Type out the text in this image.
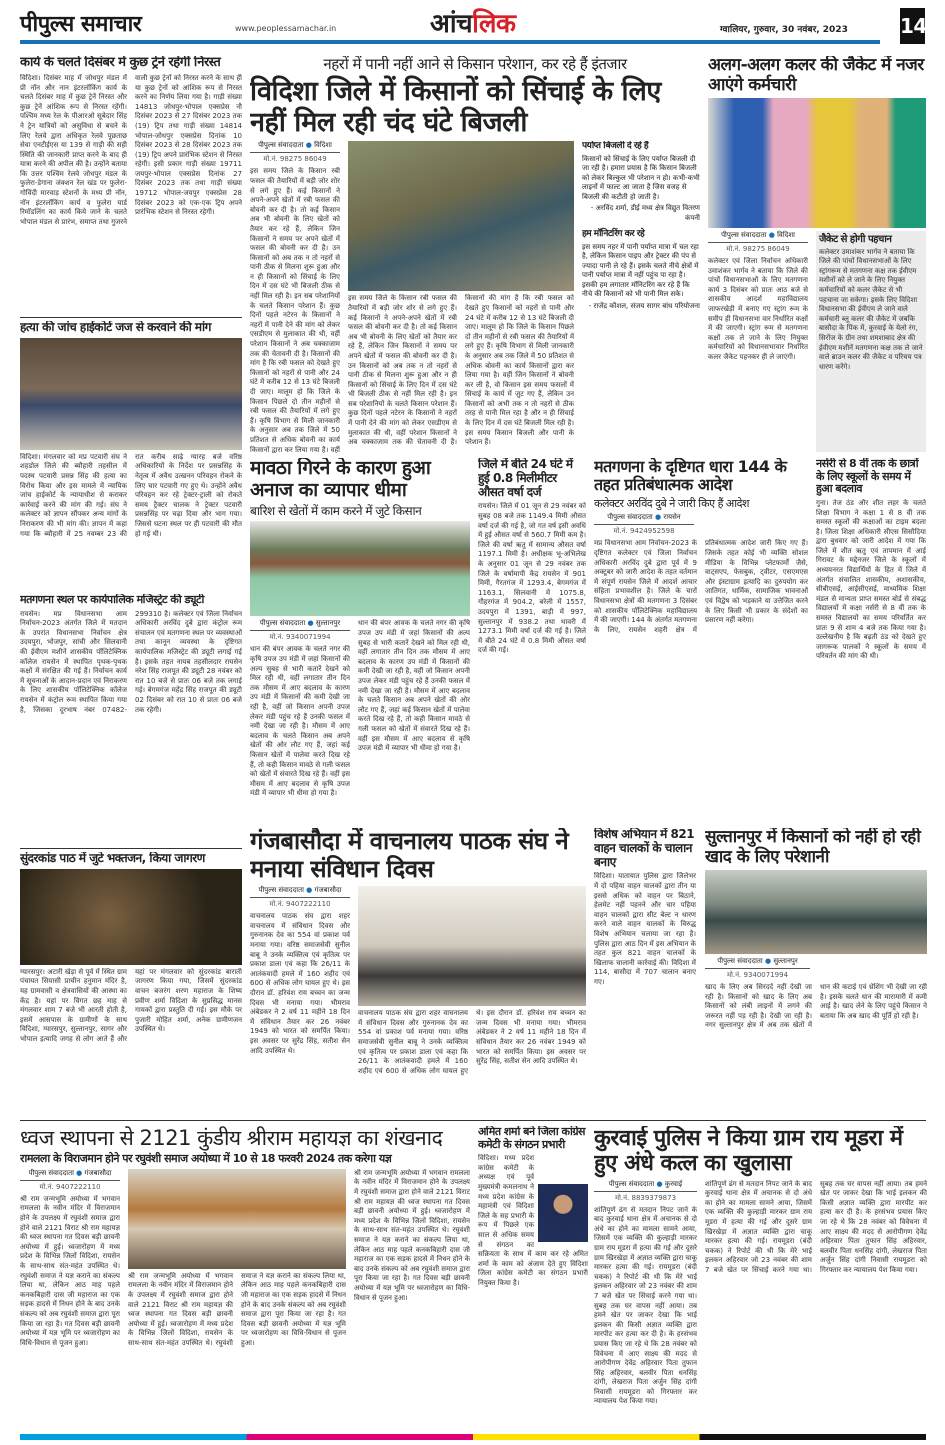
पीपुल्स समाचार	www.peoplessamachar.in	आंचलिक	ग्वालियर, गुरुवार, 30 नवंबर, 2023	14
कार्य के चलते दिसंबर में कुछ ट्रेनें रहेंगीं निरस्त
विदिशा। दिसंबर माह में जोधपुर मंडल में प्री नॉन और नान इंटरलॉकिंग कार्य के चलते दिसंबर माह में कुछ ट्रेनें निरस्त और कुछ ट्रेनें आंशिक रूप से निरस्त रहेंगी। पश्चिम मध्य रेल के पीआरओ सूबेदार सिंह ने ट्रेन यात्रियों को असुविधा से बचने के लिए रेलवे द्वारा अधिकृत रेलवे पूछताछ सेवा एनटीईएस या 139 से गाड़ी की सही स्थिति की जानकारी प्राप्त करने के बाद ही यात्रा करने की अपील की है। उन्होंने बताया कि उत्तर पश्चिम रेलवे जोधपुर मंडल के फुलेरा-डेगाना जंक्शन रेल खंड पर फुलेरा-गोविंदी मारवाड़ स्टेशनों के मध्य प्री नॉन, नॉन इंटरलॉकिंग कार्य व फुलेरा यार्ड रिमॉडलिंग का कार्य किये जाने के चलते भोपाल मंडल से प्रारंभ, समाप्त तथा गुजरने वाली कुछ ट्रेनों को निरस्त करने के साथ ही या कुछ ट्रेनों को आंशिक रूप से निरस्त करने का निर्णय लिया गया है। गाड़ी संख्या 14813 जोधपुर-भोपाल एक्सप्रेस नौ दिसंबर 2023 से 27 दिसंबर 2023 तक (19) ट्रिप तथा गाड़ी संख्या 14814 भोपाल-जोधपुर एक्सप्रेस दिनांक 10 दिसंबर 2023 से 28 दिसंबर 2023 तक (19) ट्रिप अपने प्रारंभिक स्टेशन से निरस्त रहेगी। इसी प्रकार गाड़ी संख्या 19711 जयपुर-भोपाल एक्सप्रेस दिनांक 27 दिसंबर 2023 तक तथा गाड़ी संख्या 19712 भोपाल-जयपुर एक्सप्रेस 28 दिसंबर 2023 को एक-एक ट्रिप अपने प्रारंभिक स्टेशन से निरस्त रहेगी।
हत्या की जांच हाईकोर्ट जज से करवाने की मांग
विदिशा। मंगलवार को मप्र पटवारी संघ ने शहडोल जिले की ब्यौहारी तहसील में पदस्थ पटवारी प्रसन्न सिंह की हत्या का विरोध किया और इस मामले में न्यायिक जांच हाईकोर्ट के न्यायाधीश से कराकर कार्रवाई करने की मांग की गई। संघ ने कलेक्टर को ज्ञापन सौंपकर अन्य मांगों के निराकरण की भी मांग की। ज्ञापन में कहा गया कि ब्यौहारी में 25 नवम्बर 23 की रात करीब साढ़े ग्यारह बजे वरिष्ठ अधिकारियों के निर्देश पर प्रसन्नसिंह के नेतृत्व में अवैध उत्खनन परिवहन रोकने के लिए चार पटवारी गए हुए थे। उन्होंने अवैध परिवहन कर रहे ट्रेक्टर-ट्राली को रोकते समय ट्रैक्टर चालक ने ट्रेक्टर पटवारी प्रसन्नसिंह पर चढ़ा दिया और भाग गया। जिससे घटना स्थल पर ही पटवारी की मौत हो गई थी।
मतगणना स्थल पर कार्यपालिक मजिस्ट्रेट की ड्यूटी
रायसेन। मप्र विधानसभा आम निर्वाचन-2023 अंतर्गत जिले में मतदान के उपरांत विधानसभा निर्वाचन क्षेत्र उदयपुरा, भोजपुर, सांची और सिलवानी की ईवीएम मशीनें शासकीय पॉलिटेक्निक कॉलेज रायसेन में स्थापित पृथक-पृथक कक्षों में संरक्षित की गई हैं। निर्वाचन कार्य में सूचनाओं के आदान-प्रदान एवं निराकरण के लिए शासकीय पॉलिटेक्निक कॉलेज रायसेन में कंट्रोल रूम स्थापित किया गया है, जिसका दूरभाष नंबर 07482-299310 है। कलेक्टर एवं जिला निर्वाचन अधिकारी अरविंद दुबे द्वारा कंट्रोल रूम संचालन एवं मतगणना स्थल पर व्यवस्थाओं तथा कानून व्यवस्था के दृष्टिगत कार्यपालिक मजिस्ट्रेट की ड्यूटी लगाई गई है। इसके तहत नायब तहसीलदार रायसेन नरेश सिंह राजपूत की ड्यूटी 28 नवंबर को रात 10 बजे से प्रातः 06 बजे तक लगाई गई। बेगमगंज महेंद्र सिंह राजपूत की ड्यूटी 02 दिसंबर को रात 10 से प्रातः 06 बजे तक रहेगी।
सुंदरकांड पाठ में जुटे भक्तजन, किया जागरण
ग्यारसपुर। अटारी खेड़ा से पूर्व में स्थित ग्राम पंचायत सियासी प्राचीन हनुमान मंदिर है, यह ग्रामवासी व क्षेत्रवासियों की आस्था का केंद्र है। यहां पर विगत छह माह से मंगलवार शाम 7 बजे भी आरती होती है, इसमें आसपास के ग्रामीणों के साथ विदिशा, ग्यारसपुर, सुल्तानपुर, सागर और भोपाल इत्यादि जगह से लोग आते हैं और यहां पर मंगलवार को सुंदरकांड बाराती जागरण किया गया, जिसमें सुंदरकांड वाचन बजरंग शरण महाराज के शिष्य प्रवीण शर्मा विदिशा के सुप्रसिद्ध मानस गायकों द्वारा प्रस्तुति दी गई। इस मौके पर पुजारी मोहित शर्मा, अनेक ग्रामीणजन उपस्थित थे।
नहरों में पानी नहीं आने से किसान परेशान, कर रहे हैं इंतजार
विदिशा जिले में किसानों को सिंचाई के लिए नहीं मिल रही चंद घंटे बिजली
पीपुल्स संवाददाता ● विदिशा
मो.नं. 98275 86049
इस समय जिले के किसान रबी फसल की तैयारियों में बड़ी जोर शोर से लगे हुए हैं। कई किसानों ने अपने-अपने खेतों में रबी फसल की बोवनी कर दी है। तो कई किसान अब भी बोवनी के लिए खेतों को तैयार कर रहे हैं, लेकिन जिन किसानों ने समय पर अपने खेतों में फसल की बोवनी कर दी है। उन किसानों को अब तक न तो नहरों से पानी ठीक से मिलना शुरू हुआ और न ही किसानों को सिंचाई के लिए दिन में दस घंटे भी बिजली ठीक से नहीं मिल रही है। इन सब परेशानियों के चलते किसान परेशान हैं। कुछ दिनों पहले नटेरन के किसानों ने नहरों में पानी देने की मांग को लेकर एसडीएम से मुलाकात की थी, वहीं परेशान किसानों ने अब चक्काजाम तक की चेतावनी दी है। किसानों की मांग है कि रबी फसल को देखते हुए किसानों को नहरों से पानी और 24 घंटे में करीब 12 से 13 घंटे बिजली दी जाए। मालूम हो कि जिले के किसान पिछले दो तीन महीनों से रबी फसल की तैयारियों में लगे हुए हैं। कृषि विभाग से मिली जानकारी के अनुसार अब तक जिले में 50 प्रतिशत से अधिक बोवनी का कार्य किसानों द्वारा कर लिया गया है। वहीं
इस समय जिले के किसान रबी फसल की तैयारियों में बड़ी जोर शोर से लगे हुए हैं। कई किसानों ने अपने-अपने खेतों में रबी फसल की बोवनी कर दी है। तो कई किसान अब भी बोवनी के लिए खेतों को तैयार कर रहे हैं, लेकिन जिन किसानों ने समय पर अपने खेतों में फसल की बोवनी कर दी है। उन किसानों को अब तक न तो नहरों से पानी ठीक से मिलना शुरू हुआ और न ही किसानों को सिंचाई के लिए दिन में दस घंटे भी बिजली ठीक से नहीं मिल रही है। इन सब परेशानियों के चलते किसान परेशान हैं। कुछ दिनों पहले नटेरन के किसानों ने नहरों में पानी देने की मांग को लेकर एसडीएम से मुलाकात की थी, वहीं परेशान किसानों ने अब चक्काजाम तक की चेतावनी दी है। किसानों की मांग है कि रबी फसल को देखते हुए किसानों को नहरों से पानी और 24 घंटे में करीब 12 से 13 घंटे बिजली दी जाए। मालूम हो कि जिले के किसान पिछले दो तीन महीनों से रबी फसल की तैयारियों में लगे हुए हैं। कृषि विभाग से मिली जानकारी के अनुसार अब तक जिले में 50 प्रतिशत से अधिक बोवनी का कार्य किसानों द्वारा कर लिया गया है। वहीं जिन किसानों ने बोवनी कर ली है, वो किसान इस समय फसलों में सिंचाई के कार्य में जुट गए हैं, लेकिन उन किसानों को अभी तक न तो नहरों से ठीक तरह से पानी मिल रहा है और न ही सिंचाई के लिए दिन में दस घंटे बिजली मिल रही है। इस समय किसान बिजली और पानी के परेशान हैं।
पर्याप्त बिजली दे रहे हैं
किसानों को सिंचाई के लिए पर्याप्त बिजली दी जा रही है। हमारा प्रयास है कि किसान बिजली को लेकर बिल्कुल भी परेशान न हो। कभी-कभी लाइनों में फाल्ट आ जाता है जिस वजह से बिजली की कटौती हो जाती है।
- अरविंद शर्मा, डीई मध्य क्षेत्र विद्युत वितरण कंपनी
हम मॉनिटरिंग कर रहे
इस समय नहर में पानी पर्याप्त मात्रा में चल रहा है, लेकिन किसान पाइप और ट्रेक्टर की पंप से ज्यादा पानी ले रहे हैं। इसके चलते नीचे क्षेत्रों में पानी पर्याप्त मात्रा में नहीं पहुंच पा रहा है। इसकी हम लगातार मॉनिटरिंग कर रहे हैं कि नीचे की किसानों को भी पानी मिल सके।
- राजेंद्र कौशल, संजय सागर बांध परियोजना
अलग-अलग कलर की जैकेट में नजर आएंगे कर्मचारी
पीपुल्स संवाददाता ● विदिशा
मो.नं. 98275 86049
कलेक्टर एवं जिला निर्वाचन अधिकारी उमाशंकर भार्गव ने बताया कि जिले की पांचों विधानसभाओं के लिए मतगणना कार्य 3 दिसंबर को प्रातः आठ बजे से शासकीय आदर्श महाविद्यालय जाफरखेड़ी में बनाए गए स्ट्रांग रूम के समीप ही विधानसभा वार निर्धारित कक्षों में की जाएगी। स्ट्रांग रूम से मतगणना कक्षों तक ले जाने के लिए नियुक्त कर्मचारियों को विधानसभावार निर्धारित कलर जैकेट पहनकर ही ले जाएंगी।
जैकेट से होगी पहचान
कलेक्टर उमाशंकर भार्गव ने बताया कि जिले की पांचों विधानसभाओं के लिए स्ट्रांगरूम से मतगणना कक्ष तक ईवीएम मशीनों को ले जाने के लिए नियुक्त कर्मचारियों को कलर जैकेट से भी पहचाना जा सकेगा। इसके लिए विदिशा विधानसभा की ईवीएम ले जाने वाले कर्मचारी ब्लू कलर की जैकेट में जबकि बासौदा के पिंक में, कुरवाई के येलो रंग, सिरोंज के ग्रीन तथा शमशाबाद क्षेत्र की ईवीएम मशीनें मतगणना कक्ष तक ले जाने वाले ब्राउन कलर की जैकेट व परिचय पत्र धारण करेंगे।
मावठा गिरने के कारण हुआ अनाज का व्यापार धीमा
बारिश से खेतों में काम करने में जुटे किसान
पीपुल्स संवाददाता ● सुल्तानपुर
मो.नं. 9340071994
धान की बंपर आवक के चलते नगर की कृषि उपज उप मंडी में जहां किसानों की अल्प सुबह से भारी कतारें देखने को मिल रही थी, वहीं लगातार तीन दिन तक मौसम में आए बदलाव के कारण उप मंडी में किसानों की कमी देखी जा रही है, वहीं जो किसान अपनी उपज लेकर मंडी पहुंच रहे हैं उनकी फसल में नमी देखा जा रही है। मौसम में आए बदलाव के चलते किसान अब अपने खेतों की ओर लौट गए हैं, जहां कई किसान खेतों में पालेवा करते दिख रहे हैं, तो कही किसान मावठे से गली फसल को खेतों में संवारते दिख रहे हैं। वहीं इस मौसम में आए बदलाव से कृषि उपज मंडी में व्यापार भी धीमा हो गया है।
धान की बंपर आवक के चलते नगर की कृषि उपज उप मंडी में जहां किसानों की अल्प सुबह से भारी कतारें देखने को मिल रही थी, वहीं लगातार तीन दिन तक मौसम में आए बदलाव के कारण उप मंडी में किसानों की कमी देखी जा रही है, वहीं जो किसान अपनी उपज लेकर मंडी पहुंच रहे हैं उनकी फसल में नमी देखा जा रही है। मौसम में आए बदलाव के चलते किसान अब अपने खेतों की ओर लौट गए हैं, जहां कई किसान खेतों में पालेवा करते दिख रहे हैं, तो कही किसान मावठे से गली फसल को खेतों में संवारते दिख रहे हैं। वहीं इस मौसम में आए बदलाव से कृषि उपज मंडी में व्यापार भी धीमा हो गया है।
जिले में बीते 24 घंटे में हुई 0.8 मिलीमीटर औसत वर्षा दर्ज
रायसेन। जिले में 01 जून से 29 नवंबर को सुबह 08 बजे तक 1149.4 मिमी औसत वर्षा दर्ज की गई है, जो गत वर्ष इसी अवधि में हुई औसत वर्षा से 560.7 मिमी कम है। जिले की वर्षा ऋतु में सामान्य औसत वर्षा 1197.1 मिमी है। अधीक्षक भू-अभिलेख के अनुसार 01 जून से 29 नवंबर तक जिले के वर्षामापी केंद्र रायसेन में 901 मिमी, गैरतगंज में 1293.4, बेगमगंज में 1163.1, सिलवानी में 1075.8, गौहरगंज में 904.2, बरेली में 1557, उदयपुरा में 1391, बाड़ी में 997, सुल्तानपुर में 938.2 तथा थावरी में 1273.1 मिमी वर्षा दर्ज की गई है। जिले में बीते 24 घंटे में 0.8 मिमी औसत वर्षा दर्ज की गई।
मतगणना के दृष्टिगत धारा 144 के तहत प्रतिबंधात्मक आदेश
कलेक्टर अरविंद दुबे ने जारी किए हैं आदेश
पीपुल्स संवाददाता ● रायसेन
मो.नं. 9424952598
मप्र विधानसभा आम निर्वाचन-2023 के दृष्टिगत कलेक्टर एवं जिला निर्वाचन अधिकारी अरविंद दुबे द्वारा पूर्व में 9 अक्टूबर को जारी आदेश के तहत वर्तमान में संपूर्ण रायसेन जिले में आदर्श आचार संहिता प्रभावशील है। जिले के चारों विधानसभा क्षेत्रों की मतगणना 3 दिसंबर को शासकीय पॉलिटेक्निक महाविद्यालय में की जाएगी। 144 के अंतर्गत मतगणना के लिए, रायसेन शहरी क्षेत्र में प्रतिबंधात्मक आदेश जारी किए गए हैं। जिसके तहत कोई भी व्यक्ति सोशल मीडिया के विभिन्न प्लेटफार्मों जैसे, वाट्सएप, फेसबुक, ट्वीटर, एसएमएस और इंस्टाग्राम इत्यादि का दुरुपयोग कर जातिगत, धार्मिक, सामाजिक भावनाओं एवं विद्वेष को भड़काने या उत्तेजित करने के लिए किसी भी प्रकार के संदेशों का प्रसारण नहीं करेगा।
नर्सरी से 8 वीं तक के छात्रों के लिए स्कूलों के समय में हुआ बदलाव
गुना। तेज ठंड और शीत लहर के चलते शिक्षा विभाग ने कक्षा 1 से 8 वीं तक समस्त स्कूलों की कक्षाओं का टाइम बदला है। जिला शिक्षा अधिकारी सीएस सिसौदिया द्वारा बुधवार को जारी आदेश में गया कि जिले में शीत ऋतु एवं तापमान में आई गिरावट के मद्देनजर जिले के स्कूलों में अध्ययनरत विद्यार्थियों के हित में जिले में अंतर्गत संचालित शासकीय, अशासकीय, सीबीएसई, आईसीएसई, माध्यमिक शिक्षा मंडल से मान्यता प्राप्त समस्त बोर्ड से संबद्ध विद्यालयों में कक्षा नर्सरी से 8 वीं तक के समस्त विद्यालयों का समय परिवर्तित कर प्रातः 9 से शाम 4 बजे तक किया गया है। उल्लेखनीय है कि बढ़ती ठंड को देखते हुए जागरूक पालकों ने स्कूलों के समय में परिवर्तन की मांग की थी।
गंजबासौदा में वाचनालय पाठक संघ ने मनाया संविधान दिवस
पीपुल्स संवाददाता ● गंजबासौदा
मो.नं. 9407222110
वाचनालय पाठक संघ द्वारा शहर वाचनालय में संविधान दिवस और गुरुनानक देव का 554 वां प्रकाश पर्व मनाया गया। वरिष्ठ समाजसेवी सुनील बाबू ने उनके व्यक्तित्व एवं कृतित्व पर प्रकाश डाला एवं कहा कि 26/11 के आतंकवादी हमले में 160 शहीद एवं 600 से अधिक लोग घायल हुए थे। इस दौरान डॉ. हरिवंश राय बच्चन का जन्म दिवस भी मनाया गया। भीमराव अंबेडकर ने 2 वर्ष 11 महीने 18 दिन में संविधान तैयार कर 26 नवंबर 1949 को भारत को समर्पित किया। इस अवसर पर सुरेंद्र सिंह, सतीश सेन आदि उपस्थित थे।
वाचनालय पाठक संघ द्वारा शहर वाचनालय में संविधान दिवस और गुरुनानक देव का 554 वां प्रकाश पर्व मनाया गया। वरिष्ठ समाजसेवी सुनील बाबू ने उनके व्यक्तित्व एवं कृतित्व पर प्रकाश डाला एवं कहा कि 26/11 के आतंकवादी हमले में 160 शहीद एवं 600 से अधिक लोग घायल हुए थे। इस दौरान डॉ. हरिवंश राय बच्चन का जन्म दिवस भी मनाया गया। भीमराव अंबेडकर ने 2 वर्ष 11 महीने 18 दिन में संविधान तैयार कर 26 नवंबर 1949 को भारत को समर्पित किया। इस अवसर पर सुरेंद्र सिंह, सतीश सेन आदि उपस्थित थे।
विशेष अभियान में 821 वाहन चालकों के चालान बनाए
विदिशा। यातायात पुलिस द्वारा जिलेभर में दो पहिया वाहन चालकों द्वारा तीन या इससे अधिक को वाहन पर बिठाने, हेलमेट नहीं पहनने और चार पहिया वाहन चालकों द्वारा सीट बेल्ट न धारण करने वाले वाहन चालकों के विरुद्ध विशेष अभियान चलाया जा रहा है। पुलिस द्वारा आठ दिन में इस अभियान के तहत कुल 821 वाहन चालकों के खिलाफ चालानी कार्रवाई की। विदिशा में 114, बासौदा में 707 चालान बनाए गए।
सुल्तानपुर में किसानों को नहीं हो रही खाद के लिए परेशानी
पीपुल्स संवाददाता ● सुल्तानपुर
मो.नं. 9340071994
खाद के लिए अब सिरदर्द नहीं देखी जा रही है। किसानों को खाद के लिए अब किसानों को लंबी लाइनों में लगने की जरूरत नहीं पड़ रही है। देखी जा रही है। नगर सुल्तानपुर क्षेत्र में अब तक खेतों में धान की कटाई एवं थ्रेशिंग भी देखी जा रही है। इसके चलते धान की मारामारी में कमी आई है। खाद लेने के लिए पहुंचे किसान ने बताया कि अब खाद की पूर्ति हो रही है।
ध्वज स्थापना से 2121 कुंडीय श्रीराम महायज्ञ का शंखनाद
रामलला के विराजमान होने पर रघुवंशी समाज अयोध्या में 10 से 18 फरवरी 2024 तक करेगा यज्ञ
पीपुल्स संवाददाता ● गंजबासौदा
मो.नं. 9407222110
श्री राम जन्मभूमि अयोध्या में भगवान रामलला के नवीन मंदिर में विराजमान होने के उपलक्ष्य में रघुवंशी समाज द्वारा होने वाले 2121 विराट श्री राम महायज्ञ की ध्वज स्थापना गत दिवस बड़ी छावनी अयोध्या में हुई। ध्वजारोहण में मध्य प्रदेश के विभिन्न जिलों विदिशा, रायसेन के साथ-साथ संत-महंत उपस्थित थे। रघुवंशी समाज ने यज्ञ कराने का संकल्प लिया था, लेकिन आठ माह पहले कनकबिहारी दास जी महाराज का एक सड़क हादसे में निधन होने के बाद उनके संकल्प को अब रघुवंशी समाज द्वारा पूरा किया जा रहा है। गत दिवस बड़ी छावनी अयोध्या में यज्ञ भूमि पर ध्वजारोहण का विधि-विधान से पूजन हुआ।
श्री राम जन्मभूमि अयोध्या में भगवान रामलला के नवीन मंदिर में विराजमान होने के उपलक्ष्य में रघुवंशी समाज द्वारा होने वाले 2121 विराट श्री राम महायज्ञ की ध्वज स्थापना गत दिवस बड़ी छावनी अयोध्या में हुई। ध्वजारोहण में मध्य प्रदेश के विभिन्न जिलों विदिशा, रायसेन के साथ-साथ संत-महंत उपस्थित थे। रघुवंशी समाज ने यज्ञ कराने का संकल्प लिया था, लेकिन आठ माह पहले कनकबिहारी दास जी महाराज का एक सड़क हादसे में निधन होने के बाद उनके संकल्प को अब रघुवंशी समाज द्वारा पूरा किया जा रहा है। गत दिवस बड़ी छावनी अयोध्या में यज्ञ भूमि पर ध्वजारोहण का विधि-विधान से पूजन हुआ।
श्री राम जन्मभूमि अयोध्या में भगवान रामलला के नवीन मंदिर में विराजमान होने के उपलक्ष्य में रघुवंशी समाज द्वारा होने वाले 2121 विराट श्री राम महायज्ञ की ध्वज स्थापना गत दिवस बड़ी छावनी अयोध्या में हुई। ध्वजारोहण में मध्य प्रदेश के विभिन्न जिलों विदिशा, रायसेन के साथ-साथ संत-महंत उपस्थित थे। रघुवंशी समाज ने यज्ञ कराने का संकल्प लिया था, लेकिन आठ माह पहले कनकबिहारी दास जी महाराज का एक सड़क हादसे में निधन होने के बाद उनके संकल्प को अब रघुवंशी समाज द्वारा पूरा किया जा रहा है। गत दिवस बड़ी छावनी अयोध्या में यज्ञ भूमि पर ध्वजारोहण का विधि-विधान से पूजन हुआ।
अमित शर्मा बने जिला कांग्रेस कमेटी के संगठन प्रभारी
विदिशा। मध्य प्रदेश कांग्रेस कमेटी के अध्यक्ष एवं पूर्व मुख्यमंत्री कमलनाथ ने मध्य प्रदेश कांग्रेस के महामंत्री एवं विदिशा जिले के सह प्रभारी के रूप में पिछले एक साल से अधिक समय से संगठन का सक्रियता के साथ में काम कर रहे अमित शर्मा के काम को अंजाम देते हुए विदिशा जिला कांग्रेस कमेटी का संगठन प्रभारी नियुक्त किया है।
कुरवाई पुलिस ने किया ग्राम राय मूडरा में हुए अंधे कत्ल का खुलासा
पीपुल्स संवाददाता ● कुरवाई
मो.नं. 8839379873
शांतिपूर्ण ढंग से मतदान निपट जाने के बाद कुरवाई थाना क्षेत्र में अचानक से दो अंधे का होने का मामला सामने आया, जिसमें एक व्यक्ति की कुल्हाड़ी मारकर ग्राम राय मूडरा में हत्या की गई और दूसरे ग्राम खिरखेड़ा में अज्ञात व्यक्ति द्वारा चाकू मारकर हत्या की गई। रायमूडरा (बंदी चकक) ने रिपोर्ट की थी कि मेरे भाई इलकन अहिरवार जो 23 नवंबर की शाम 7 बजे खेत पर सिंचाई करने गया था। सुबह तक घर वापस नहीं आया। तब हमने खेत पर जाकर देखा कि भाई इलकन की किसी अज्ञात व्यक्ति द्वारा मारपीट कर हत्या कर दी है। के हरसंभव प्रयास किए जा रहे थे कि 28 नवंबर को विवेचना में आए साक्ष्य की मदद से आरोपीगण देवेंद्र अहिरवार पिता तुफान सिंह अहिरवार, बलवीर पिता धनसिंह दांगी, लेखराज पिता अर्जुन सिंह दांगी निवासी रायमूडरा को गिरफ्तार कर न्यायालय पेश किया गया।
शांतिपूर्ण ढंग से मतदान निपट जाने के बाद कुरवाई थाना क्षेत्र में अचानक से दो अंधे का होने का मामला सामने आया, जिसमें एक व्यक्ति की कुल्हाड़ी मारकर ग्राम राय मूडरा में हत्या की गई और दूसरे ग्राम खिरखेड़ा में अज्ञात व्यक्ति द्वारा चाकू मारकर हत्या की गई। रायमूडरा (बंदी चकक) ने रिपोर्ट की थी कि मेरे भाई इलकन अहिरवार जो 23 नवंबर की शाम 7 बजे खेत पर सिंचाई करने गया था। सुबह तक घर वापस नहीं आया। तब हमने खेत पर जाकर देखा कि भाई इलकन की किसी अज्ञात व्यक्ति द्वारा मारपीट कर हत्या कर दी है। के हरसंभव प्रयास किए जा रहे थे कि 28 नवंबर को विवेचना में आए साक्ष्य की मदद से आरोपीगण देवेंद्र अहिरवार पिता तुफान सिंह अहिरवार, बलवीर पिता धनसिंह दांगी, लेखराज पिता अर्जुन सिंह दांगी निवासी रायमूडरा को गिरफ्तार कर न्यायालय पेश किया गया।
